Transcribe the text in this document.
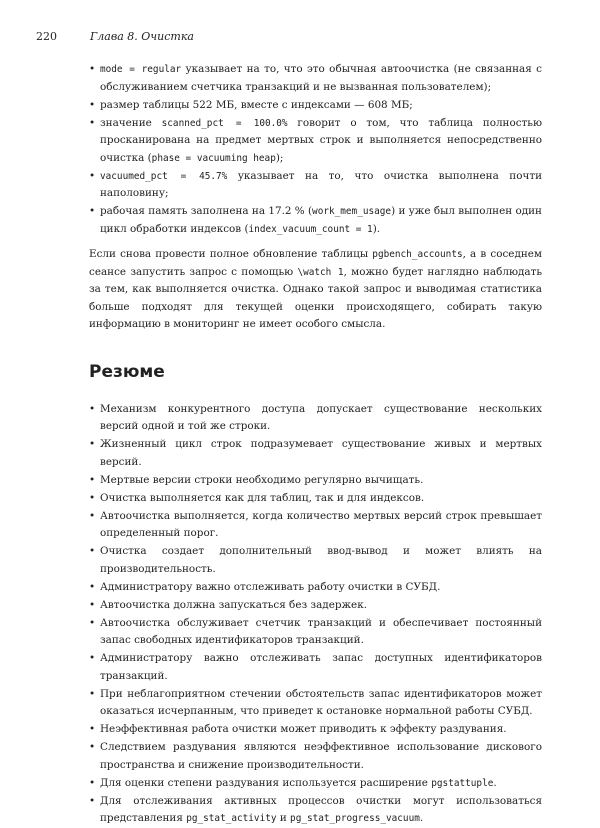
220	Глава 8. Очистка
• mode = regular указывает на то, что это обычная автоочистка (не связанная с обслуживанием счетчика транзакций и не вызванная пользователем);
• размер таблицы 522 МБ, вместе с индексами — 608 МБ;
• значение scanned_pct = 100.0% говорит о том, что таблица полностью просканирована на предмет мертвых строк и выполняется непосредственно очистка (phase = vacuuming heap);
• vacuumed_pct = 45.7% указывает на то, что очистка выполнена почти наполовину;
• рабочая память заполнена на 17.2 % (work_mem_usage) и уже был выполнен один цикл обработки индексов (index_vacuum_count = 1).

Если снова провести полное обновление таблицы pgbench_accounts, а в соседнем сеансе запустить запрос с помощью \watch 1, можно будет наглядно наблюдать за тем, как выполняется очистка. Однако такой запрос и выводимая статистика больше подходят для текущей оценки происходящего, собирать такую информацию в мониторинг не имеет особого смысла.

Резюме
• Механизм конкурентного доступа допускает существование нескольких версий одной и той же строки.
• Жизненный цикл строк подразумевает существование живых и мертвых версий.
• Мертвые версии строки необходимо регулярно вычищать.
• Очистка выполняется как для таблиц, так и для индексов.
• Автоочистка выполняется, когда количество мертвых версий строк превышает определенный порог.
• Очистка создает дополнительный ввод-вывод и может влиять на производительность.
• Администратору важно отслеживать работу очистки в СУБД.
• Автоочистка должна запускаться без задержек.
• Автоочистка обслуживает счетчик транзакций и обеспечивает постоянный запас свободных идентификаторов транзакций.
• Администратору важно отслеживать запас доступных идентификаторов транзакций.
• При неблагоприятном стечении обстоятельств запас идентификаторов может оказаться исчерпанным, что приведет к остановке нормальной работы СУБД.
• Неэффективная работа очистки может приводить к эффекту раздувания.
• Следствием раздувания являются неэффективное использование дискового пространства и снижение производительности.
• Для оценки степени раздувания используется расширение pgstattuple.
• Для отслеживания активных процессов очистки могут использоваться представления pg_stat_activity и pg_stat_progress_vacuum.
